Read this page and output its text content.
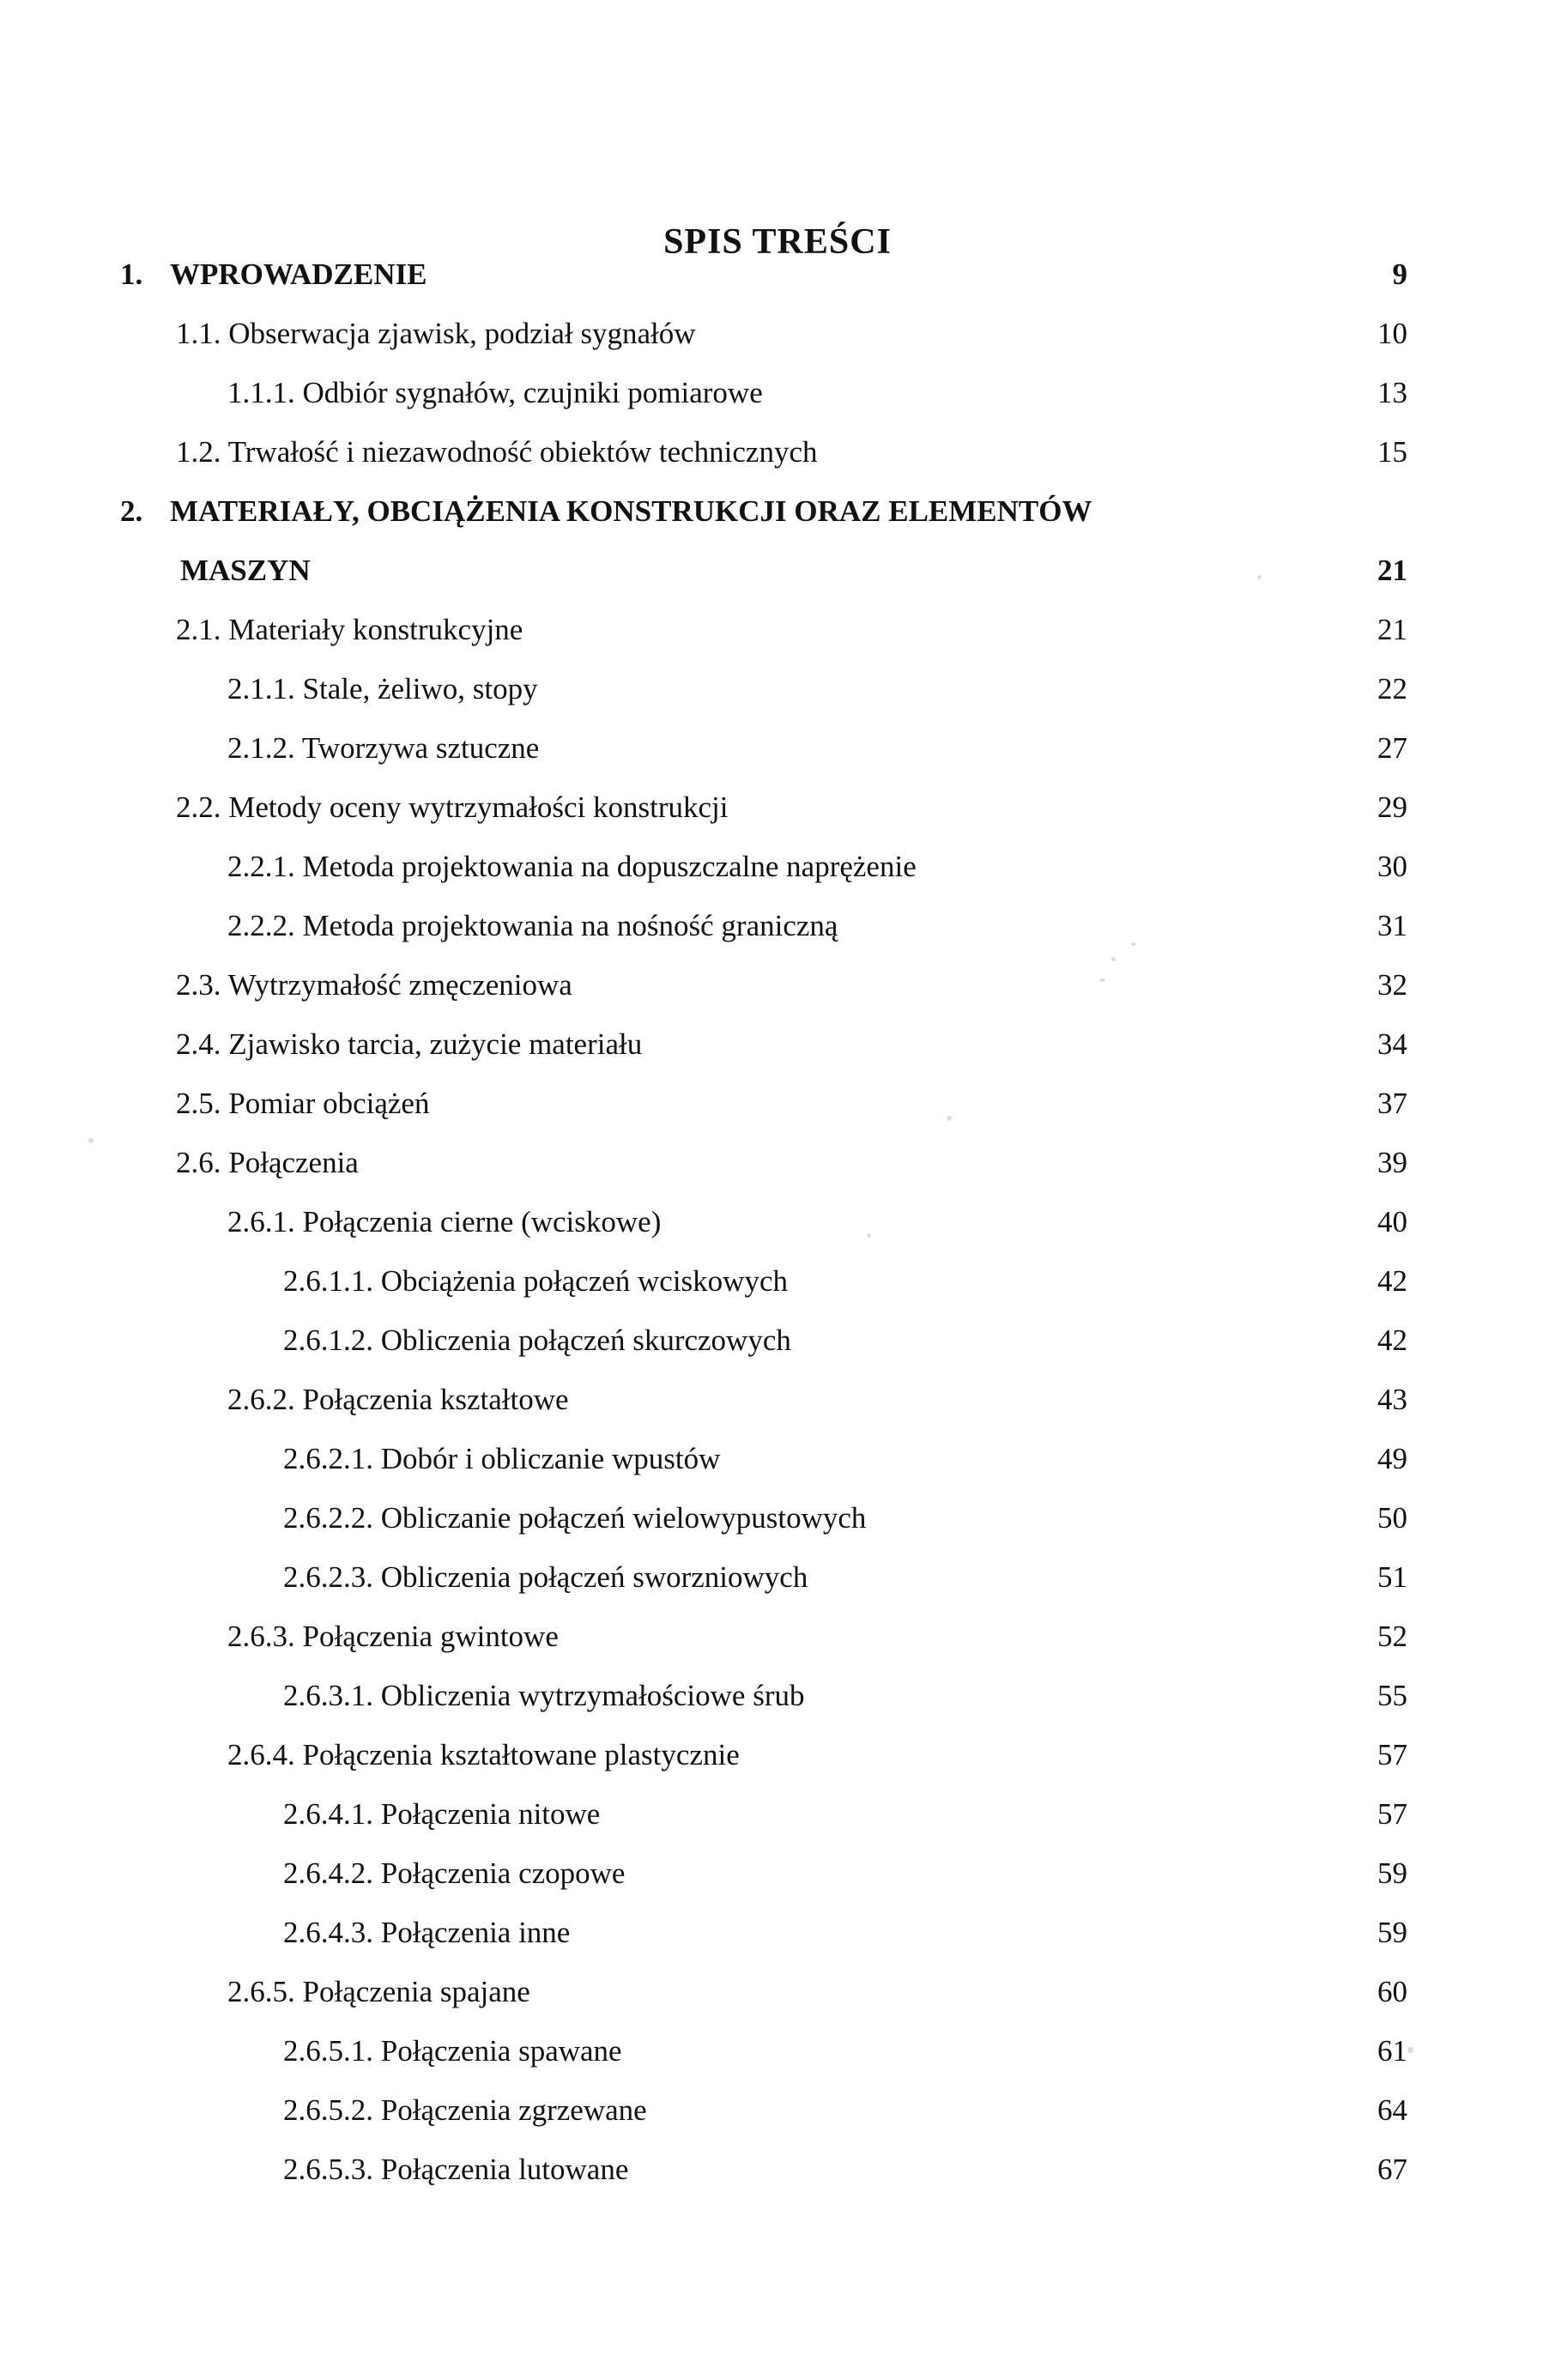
SPIS TREŚCI
1. WPROWADZENIE	9
1.1. Obserwacja zjawisk, podział sygnałów	10
1.1.1. Odbiór sygnałów, czujniki pomiarowe	13
1.2. Trwałość i niezawodność obiektów technicznych	15
2. MATERIAŁY, OBCIĄŻENIA KONSTRUKCJI ORAZ ELEMENTÓW
MASZYN	21
2.1. Materiały konstrukcyjne	21
2.1.1. Stale, żeliwo, stopy	22
2.1.2. Tworzywa sztuczne	27
2.2. Metody oceny wytrzymałości konstrukcji	29
2.2.1. Metoda projektowania na dopuszczalne naprężenie	30
2.2.2. Metoda projektowania na nośność graniczną	31
2.3. Wytrzymałość zmęczeniowa	32
2.4. Zjawisko tarcia, zużycie materiału	34
2.5. Pomiar obciążeń	37
2.6. Połączenia	39
2.6.1. Połączenia cierne (wciskowe)	40
2.6.1.1. Obciążenia połączeń wciskowych	42
2.6.1.2. Obliczenia połączeń skurczowych	42
2.6.2. Połączenia kształtowe	43
2.6.2.1. Dobór i obliczanie wpustów	49
2.6.2.2. Obliczanie połączeń wielowypustowych	50
2.6.2.3. Obliczenia połączeń sworzniowych	51
2.6.3. Połączenia gwintowe	52
2.6.3.1. Obliczenia wytrzymałościowe śrub	55
2.6.4. Połączenia kształtowane plastycznie	57
2.6.4.1. Połączenia nitowe	57
2.6.4.2. Połączenia czopowe	59
2.6.4.3. Połączenia inne	59
2.6.5. Połączenia spajane	60
2.6.5.1. Połączenia spawane	61
2.6.5.2. Połączenia zgrzewane	64
2.6.5.3. Połączenia lutowane	67
